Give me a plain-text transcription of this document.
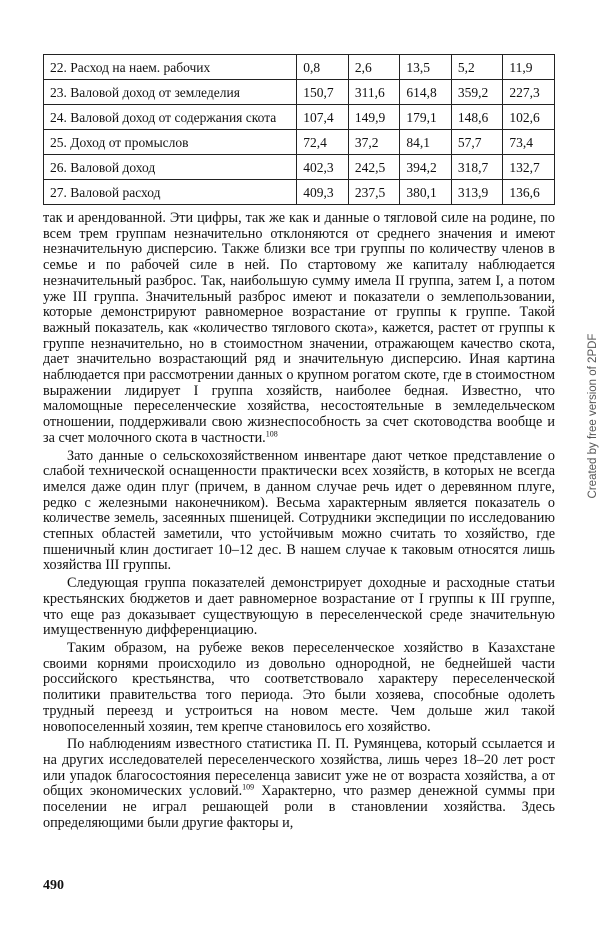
22. Расход на наем. рабочих	0,8	2,6	13,5	5,2	11,9
23. Валовой доход от земледелия	150,7	311,6	614,8	359,2	227,3
24. Валовой доход от содержания скота	107,4	149,9	179,1	148,6	102,6
25. Доход от промыслов	72,4	37,2	84,1	57,7	73,4
26. Валовой доход	402,3	242,5	394,2	318,7	132,7
27. Валовой расход	409,3	237,5	380,1	313,9	136,6

так и арендованной. Эти цифры, так же как и данные о тягловой силе на родине, по всем трем группам незначительно отклоняются от среднего значения и имеют незначительную дисперсию. Также близки все три группы по количеству членов в семье и по рабочей силе в ней. По стартовому же капиталу наблюдается незначительный разброс. Так, наибольшую сумму имела II группа, затем I, а потом уже III группа. Значительный разброс имеют и показатели о землепользовании, которые демонстрируют равномерное возрастание от группы к группе. Такой важный показатель, как «количество тяглового скота», кажется, растет от группы к группе незначительно, но в стоимостном значении, отражающем качество скота, дает значительно возрастающий ряд и значительную дисперсию. Иная картина наблюдается при рассмотрении данных о крупном рогатом скоте, где в стоимостном выражении лидирует I группа хозяйств, наиболее бедная. Известно, что маломощные переселенческие хозяйства, несостоятельные в земледельческом отношении, поддерживали свою жизнеспособность за счет скотоводства вообще и за счет молочного скота в частности.$^{108}$

Зато данные о сельскохозяйственном инвентаре дают четкое представление о слабой технической оснащенности практически всех хозяйств, в которых не всегда имелся даже один плуг (причем, в данном случае речь идет о деревянном плуге, редко с железными наконечником). Весьма характерным является показатель о количестве земель, засеянных пшеницей. Сотрудники экспедиции по исследованию степных областей заметили, что устойчивым можно считать то хозяйство, где пшеничный клин достигает 10–12 дес. В нашем случае к таковым относятся лишь хозяйства III группы.

Следующая группа показателей демонстрирует доходные и расходные статьи крестьянских бюджетов и дает равномерное возрастание от I группы к III группе, что еще раз доказывает существующую в переселенческой среде значительную имущественную дифференциацию.

Таким образом, на рубеже веков переселенческое хозяйство в Казахстане своими корнями происходило из довольно однородной, не беднейшей части российского крестьянства, что соответствовало характеру переселенческой политики правительства того периода. Это были хозяева, способные одолеть трудный переезд и устроиться на новом месте. Чем дольше жил такой новопоселенный хозяин, тем крепче становилось его хозяйство.

По наблюдениям известного статистика П. П. Румянцева, который ссылается и на других исследователей переселенческого хозяйства, лишь через 18–20 лет рост или упадок благосостояния переселенца зависит уже не от возраста хозяйства, а от общих экономических условий.$^{109}$ Характерно, что размер денежной суммы при поселении не играл решающей роли в становлении хозяйства. Здесь определяющими были другие факторы и,

490
Created by free version of 2PDF
